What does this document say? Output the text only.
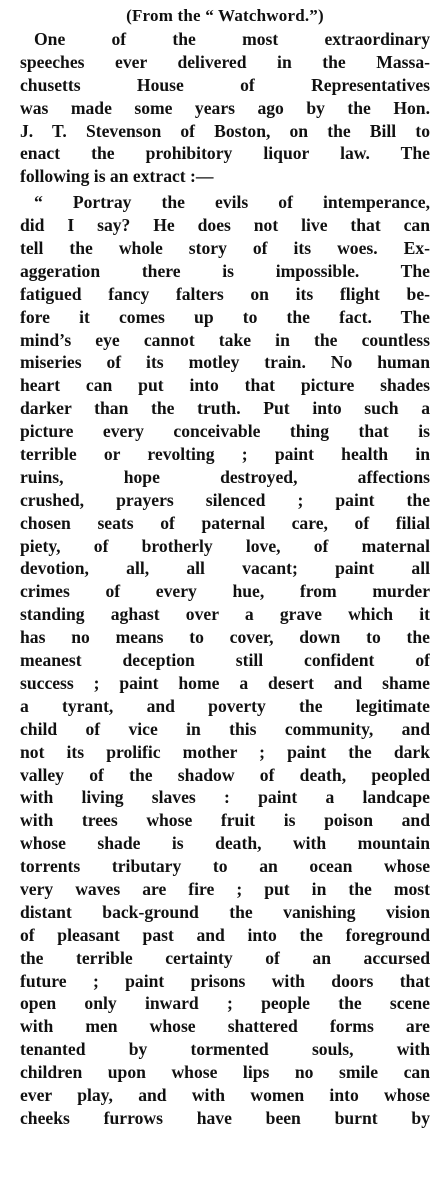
(From the “ Watchword.”)
One of the most extraordinary
speeches ever delivered in the Massa-
chusetts House of Representatives
was made some years ago by the Hon.
J. T. Stevenson of Boston, on the Bill to
enact the prohibitory liquor law. The
following is an extract :—
“ Portray the evils of intemperance,
did I say? He does not live that can
tell the whole story of its woes. Ex-
aggeration there is impossible. The
fatigued fancy falters on its flight be-
fore it comes up to the fact. The
mind’s eye cannot take in the countless
miseries of its motley train. No human
heart can put into that picture shades
darker than the truth. Put into such a
picture every conceivable thing that is
terrible or revolting ; paint health in
ruins, hope destroyed, affections
crushed, prayers silenced ; paint the
chosen seats of paternal care, of filial
piety, of brotherly love, of maternal
devotion, all, all vacant; paint all
crimes of every hue, from murder
standing aghast over a grave which it
has no means to cover, down to the
meanest deception still confident of
success ; paint home a desert and shame
a tyrant, and poverty the legitimate
child of vice in this community, and
not its prolific mother ; paint the dark
valley of the shadow of death, peopled
with living slaves : paint a landcape
with trees whose fruit is poison and
whose shade is death, with mountain
torrents tributary to an ocean whose
very waves are fire ; put in the most
distant back-ground the vanishing vision
of pleasant past and into the foreground
the terrible certainty of an accursed
future ; paint prisons with doors that
open only inward ; people the scene
with men whose shattered forms are
tenanted by tormented souls, with
children upon whose lips no smile can
ever play, and with women into whose
cheeks furrows have been burnt by
